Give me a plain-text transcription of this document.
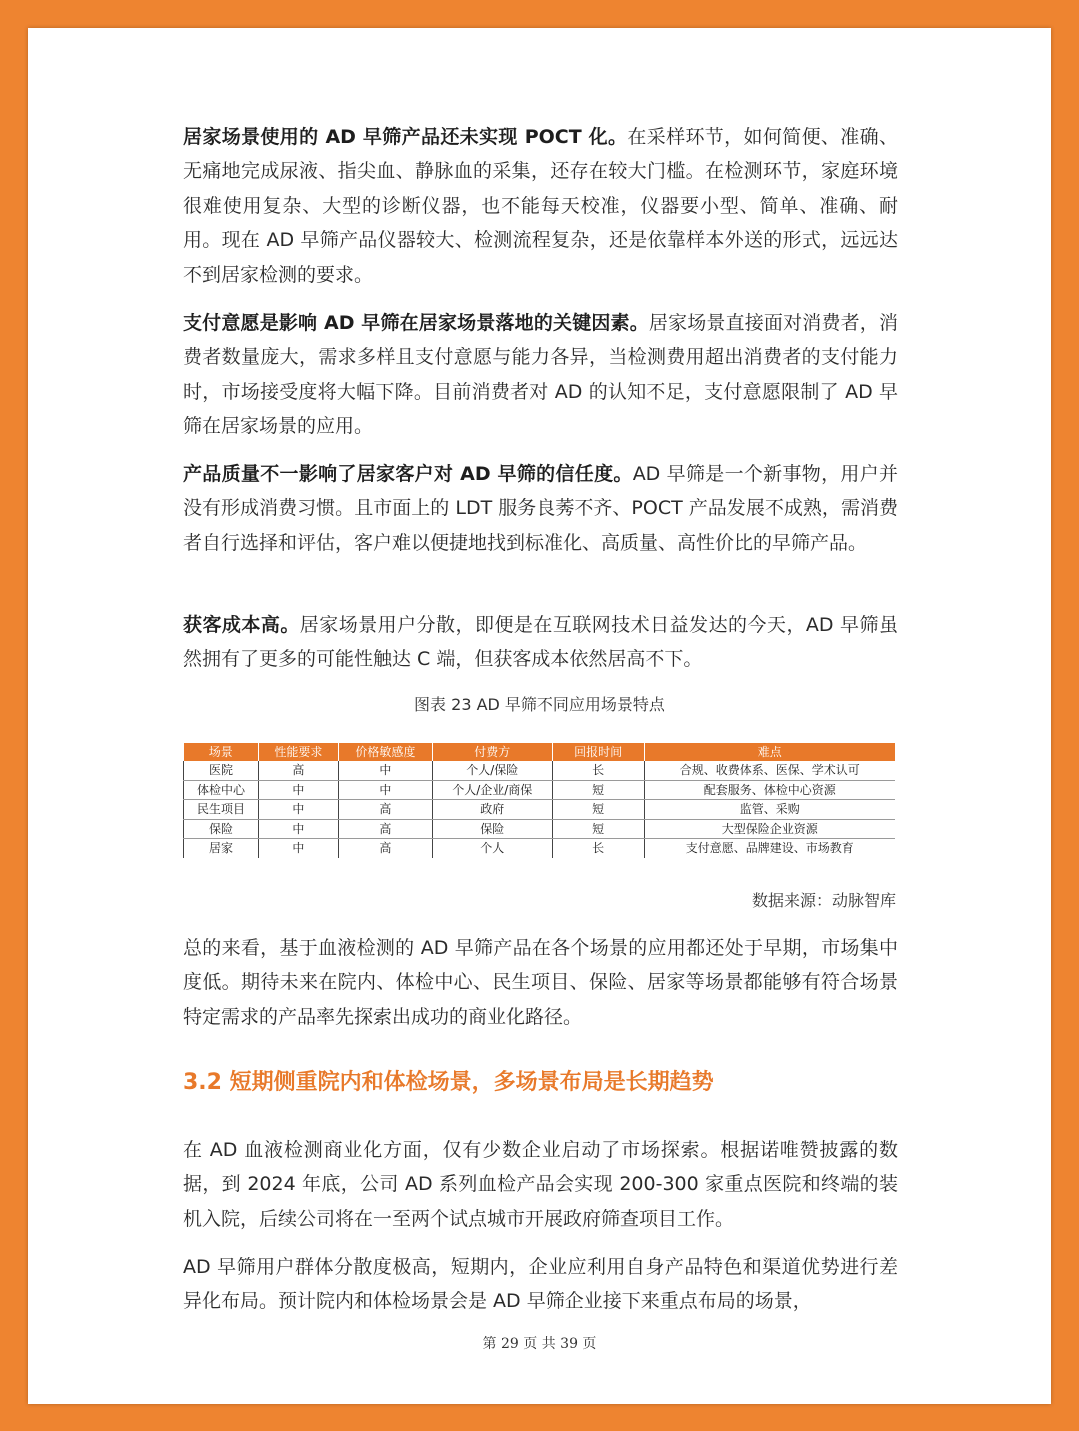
居家场景使用的 AD 早筛产品还未实现 POCT 化。在采样环节，如何简便、准确、无痛地完成尿液、指尖血、静脉血的采集，还存在较大门槛。在检测环节，家庭环境很难使用复杂、大型的诊断仪器，也不能每天校准，仪器要小型、简单、准确、耐用。现在 AD 早筛产品仪器较大、检测流程复杂，还是依靠样本外送的形式，远远达不到居家检测的要求。

支付意愿是影响 AD 早筛在居家场景落地的关键因素。居家场景直接面对消费者，消费者数量庞大，需求多样且支付意愿与能力各异，当检测费用超出消费者的支付能力时，市场接受度将大幅下降。目前消费者对 AD 的认知不足，支付意愿限制了 AD 早筛在居家场景的应用。

产品质量不一影响了居家客户对 AD 早筛的信任度。AD 早筛是一个新事物，用户并没有形成消费习惯。且市面上的 LDT 服务良莠不齐、POCT 产品发展不成熟，需消费者自行选择和评估，客户难以便捷地找到标准化、高质量、高性价比的早筛产品。

获客成本高。居家场景用户分散，即便是在互联网技术日益发达的今天，AD 早筛虽然拥有了更多的可能性触达 C 端，但获客成本依然居高不下。

图表 23 AD 早筛不同应用场景特点
场景	性能要求	价格敏感度	付费方	回报时间	难点
医院	高	中	个人/保险	长	合规、收费体系、医保、学术认可
体检中心	中	中	个人/企业/商保	短	配套服务、体检中心资源
民生项目	中	高	政府	短	监管、采购
保险	中	高	保险	短	大型保险企业资源
居家	中	高	个人	长	支付意愿、品牌建设、市场教育
数据来源：动脉智库

总的来看，基于血液检测的 AD 早筛产品在各个场景的应用都还处于早期，市场集中度低。期待未来在院内、体检中心、民生项目、保险、居家等场景都能够有符合场景特定需求的产品率先探索出成功的商业化路径。

3.2 短期侧重院内和体检场景，多场景布局是长期趋势

在 AD 血液检测商业化方面，仅有少数企业启动了市场探索。根据诺唯赞披露的数据，到 2024 年底，公司 AD 系列血检产品会实现 200-300 家重点医院和终端的装机入院，后续公司将在一至两个试点城市开展政府筛查项目工作。

AD 早筛用户群体分散度极高，短期内，企业应利用自身产品特色和渠道优势进行差异化布局。预计院内和体检场景会是 AD 早筛企业接下来重点布局的场景，

第 29 页 共 39 页
